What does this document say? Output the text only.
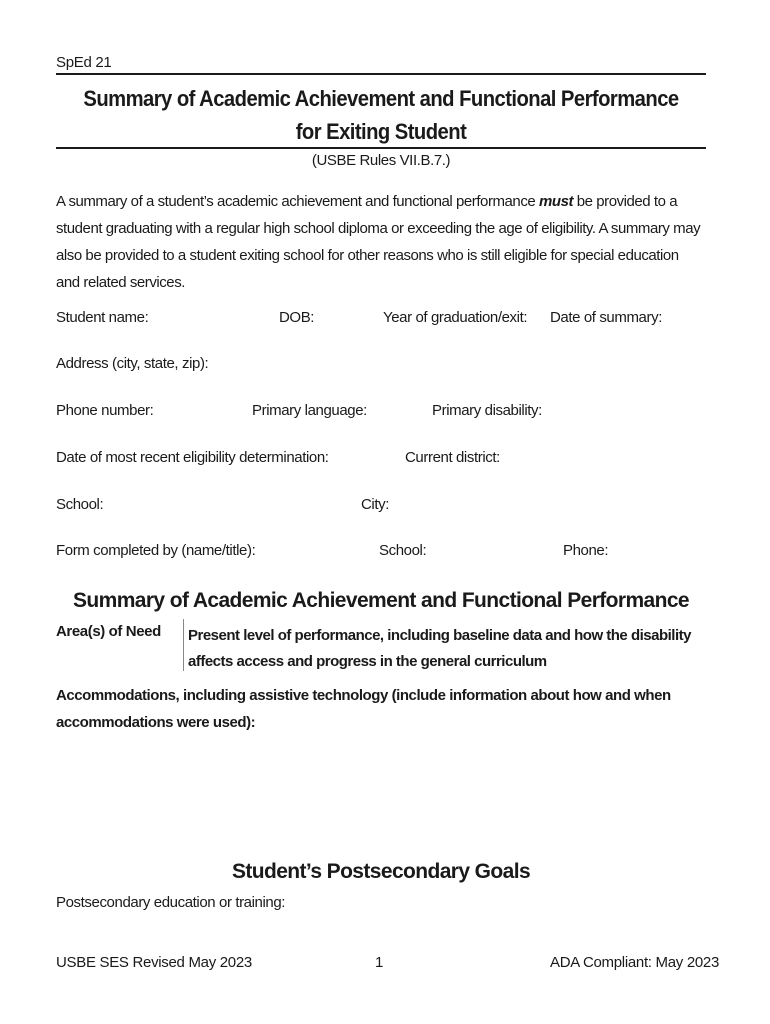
SpEd 21
Summary of Academic Achievement and Functional Performance for Exiting Student
(USBE Rules VII.B.7.)
A summary of a student’s academic achievement and functional performance must be provided to a student graduating with a regular high school diploma or exceeding the age of eligibility. A summary may also be provided to a student exiting school for other reasons who is still eligible for special education and related services.
Student name:	DOB:	Year of graduation/exit: Date of summary:
Address (city, state, zip):
Phone number:	Primary language:	Primary disability:
Date of most recent eligibility determination:	Current district:
School:	City:
Form completed by (name/title):	School:	Phone:
Summary of Academic Achievement and Functional Performance
Area(s) of Need	Present level of performance, including baseline data and how the disability affects access and progress in the general curriculum
Accommodations, including assistive technology (include information about how and when accommodations were used):
Student’s Postsecondary Goals
Postsecondary education or training:
USBE SES Revised May 2023	1	ADA Compliant: May 2023
